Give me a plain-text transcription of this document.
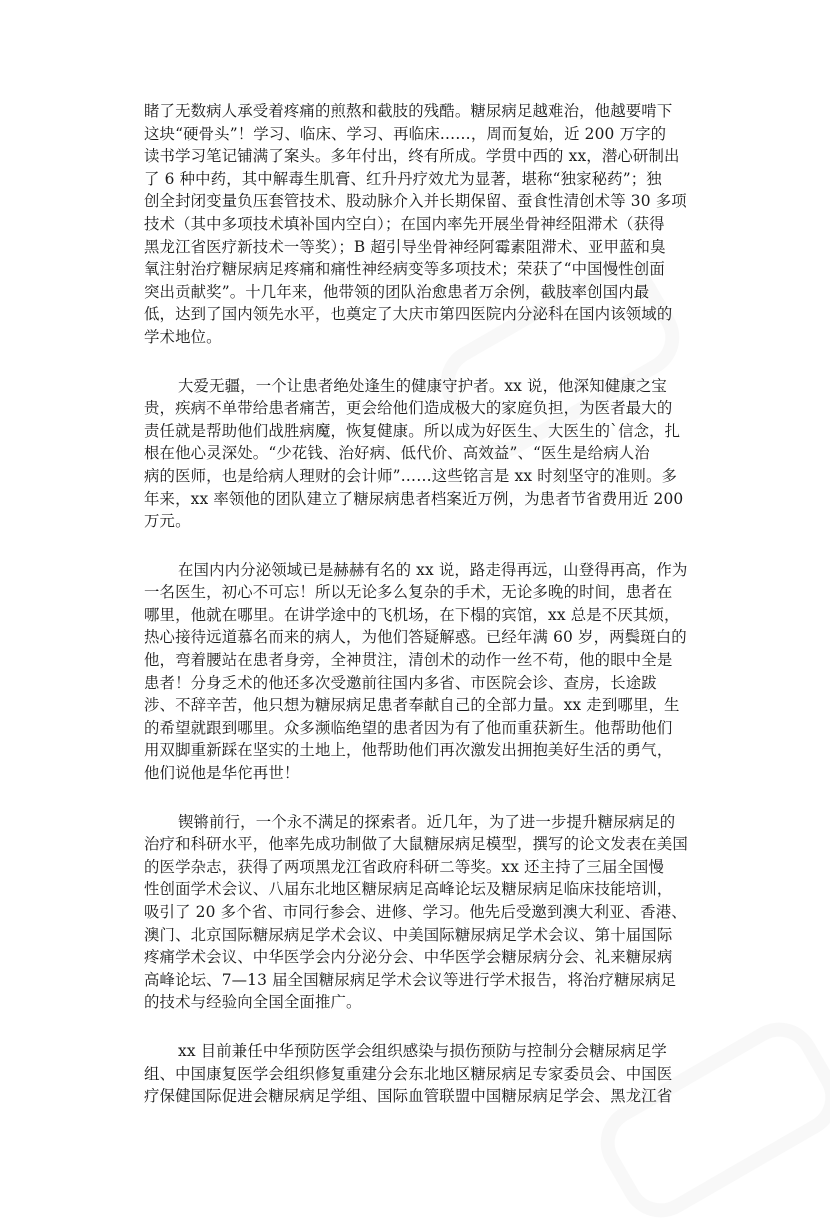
睹了无数病人承受着疼痛的煎熬和截肢的残酷。糖尿病足越难治，他越要啃下
这块“硬骨头”！学习、临床、学习、再临床……，周而复始，近 200 万字的
读书学习笔记铺满了案头。多年付出，终有所成。学贯中西的 xx，潜心研制出
了 6 种中药，其中解毒生肌膏、红升丹疗效尤为显著，堪称“独家秘药”；独
创全封闭变量负压套管技术、股动脉介入并长期保留、蚕食性清创术等 30 多项
技术（其中多项技术填补国内空白）；在国内率先开展坐骨神经阻滞术（获得
黑龙江省医疗新技术一等奖）；B 超引导坐骨神经阿霉素阻滞术、亚甲蓝和臭
氧注射治疗糖尿病足疼痛和痛性神经病变等多项技术；荣获了“中国慢性创面
突出贡献奖”。十几年来，他带领的团队治愈患者万余例，截肢率创国内最
低，达到了国内领先水平，也奠定了大庆市第四医院内分泌科在国内该领域的
学术地位。
大爱无疆，一个让患者绝处逢生的健康守护者。xx 说，他深知健康之宝
贵，疾病不单带给患者痛苦，更会给他们造成极大的家庭负担，为医者最大的
责任就是帮助他们战胜病魔，恢复健康。所以成为好医生、大医生的`信念，扎
根在他心灵深处。“少花钱、治好病、低代价、高效益”、“医生是给病人治
病的医师，也是给病人理财的会计师”……这些铭言是 xx 时刻坚守的准则。多
年来，xx 率领他的团队建立了糖尿病患者档案近万例，为患者节省费用近 200
万元。
在国内内分泌领域已是赫赫有名的 xx 说，路走得再远，山登得再高，作为
一名医生，初心不可忘！所以无论多么复杂的手术，无论多晚的时间，患者在
哪里，他就在哪里。在讲学途中的飞机场，在下榻的宾馆，xx 总是不厌其烦，
热心接待远道慕名而来的病人，为他们答疑解惑。已经年满 60 岁，两鬓斑白的
他，弯着腰站在患者身旁，全神贯注，清创术的动作一丝不苟，他的眼中全是
患者！分身乏术的他还多次受邀前往国内多省、市医院会诊、查房，长途跋
涉、不辞辛苦，他只想为糖尿病足患者奉献自己的全部力量。xx 走到哪里，生
的希望就跟到哪里。众多濒临绝望的患者因为有了他而重获新生。他帮助他们
用双脚重新踩在坚实的土地上，他帮助他们再次激发出拥抱美好生活的勇气，
他们说他是华佗再世！
锲锵前行，一个永不满足的探索者。近几年，为了进一步提升糖尿病足的
治疗和科研水平，他率先成功制做了大鼠糖尿病足模型，撰写的论文发表在美国
的医学杂志，获得了两项黑龙江省政府科研二等奖。xx 还主持了三届全国慢
性创面学术会议、八届东北地区糖尿病足高峰论坛及糖尿病足临床技能培训，
吸引了 20 多个省、市同行参会、进修、学习。他先后受邀到澳大利亚、香港、
澳门、北京国际糖尿病足学术会议、中美国际糖尿病足学术会议、第十届国际
疼痛学术会议、中华医学会内分泌分会、中华医学会糖尿病分会、礼来糖尿病
高峰论坛、7—13 届全国糖尿病足学术会议等进行学术报告，将治疗糖尿病足
的技术与经验向全国全面推广。
xx 目前兼任中华预防医学会组织感染与损伤预防与控制分会糖尿病足学
组、中国康复医学会组织修复重建分会东北地区糖尿病足专家委员会、中国医
疗保健国际促进会糖尿病足学组、国际血管联盟中国糖尿病足学会、黑龙江省
